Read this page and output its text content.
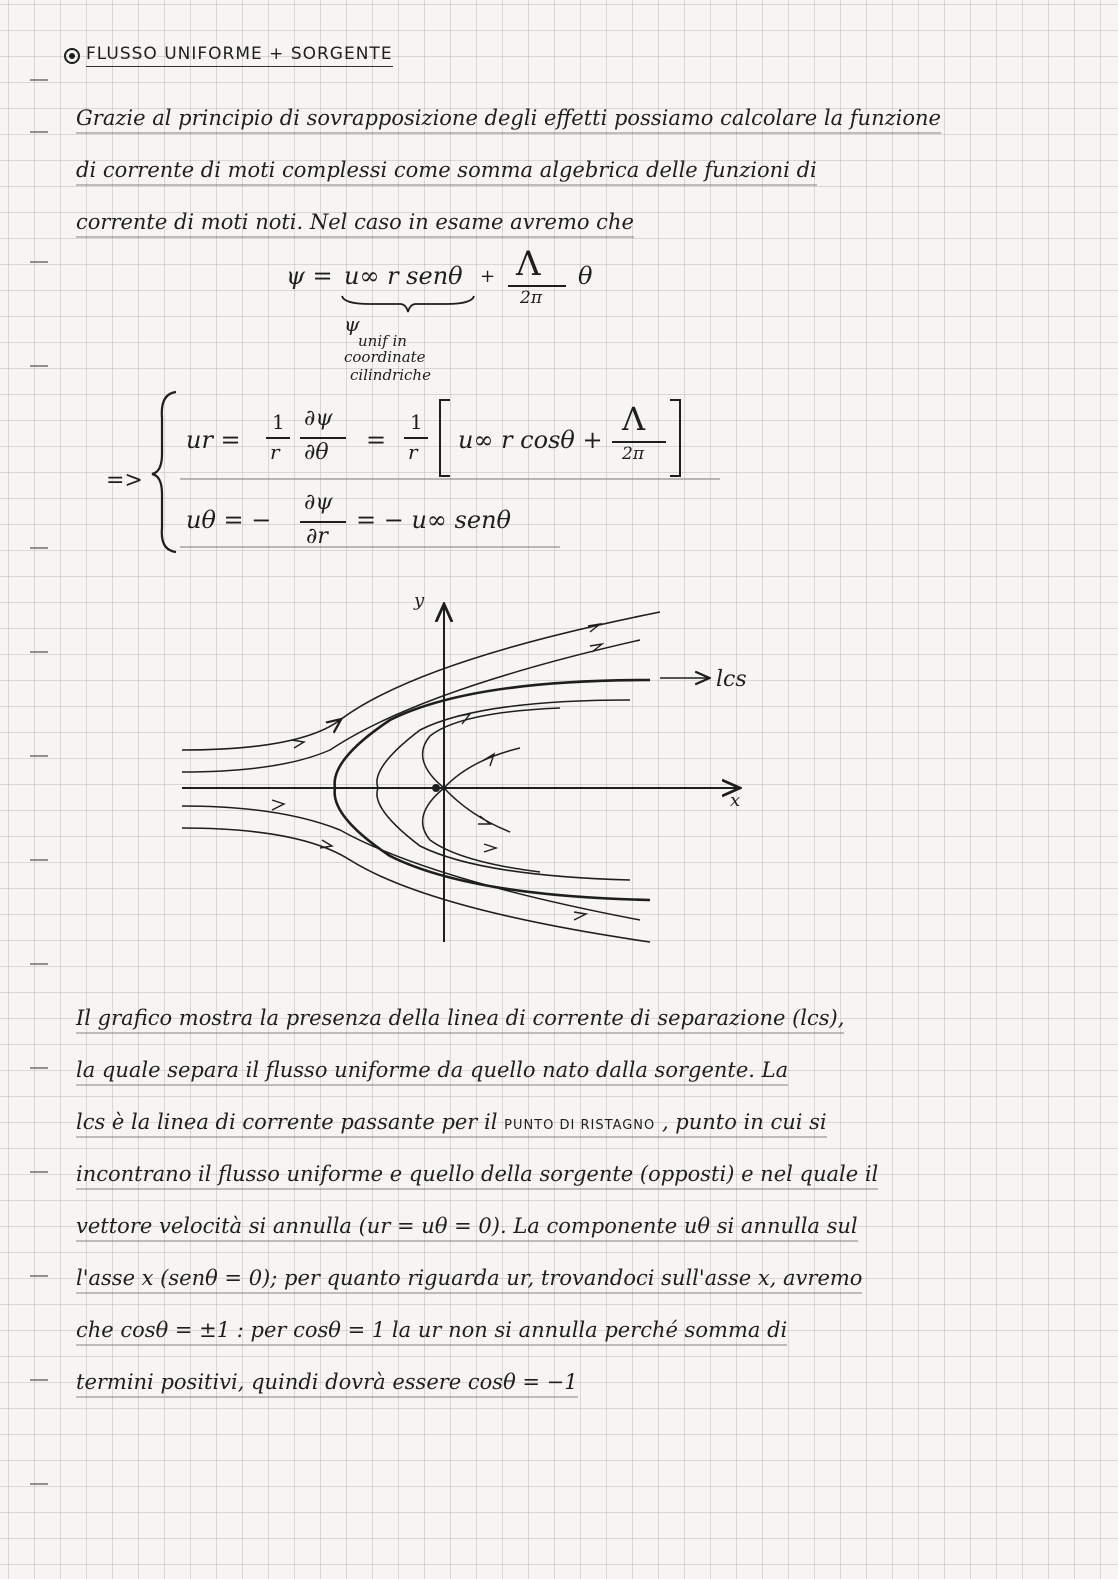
FLUSSO UNIFORME + SORGENTE
Grazie al principio di sovrapposizione degli effetti possiamo calcolare la funzione
di corrente di moti complessi come somma algebrica delle funzioni di
corrente di moti noti. Nel caso in esame avremo che
ψ = u∞ r senθ + Λ
2π
θ
ψ
unif in
coordinate
cilindriche
=>
ur =
1
r
∂ψ
∂θ =
1
r u∞ r cosθ +
Λ
2π
uθ = −
∂ψ
∂r
= − u∞ senθ
y
x
lcs
Il grafico mostra la presenza della linea di corrente di separazione (lcs),
la quale separa il flusso uniforme da quello nato dalla sorgente. La
lcs è la linea di corrente passante per il PUNTO DI RISTAGNO , punto in cui si
incontrano il flusso uniforme e quello della sorgente (opposti) e nel quale il
vettore velocità si annulla (ur = uθ = 0). La componente uθ si annulla sul
l'asse x (senθ = 0); per quanto riguarda ur, trovandoci sull'asse x, avremo
che cosθ = ±1 : per cosθ = 1 la ur non si annulla perché somma di
termini positivi, quindi dovrà essere cosθ = −1
